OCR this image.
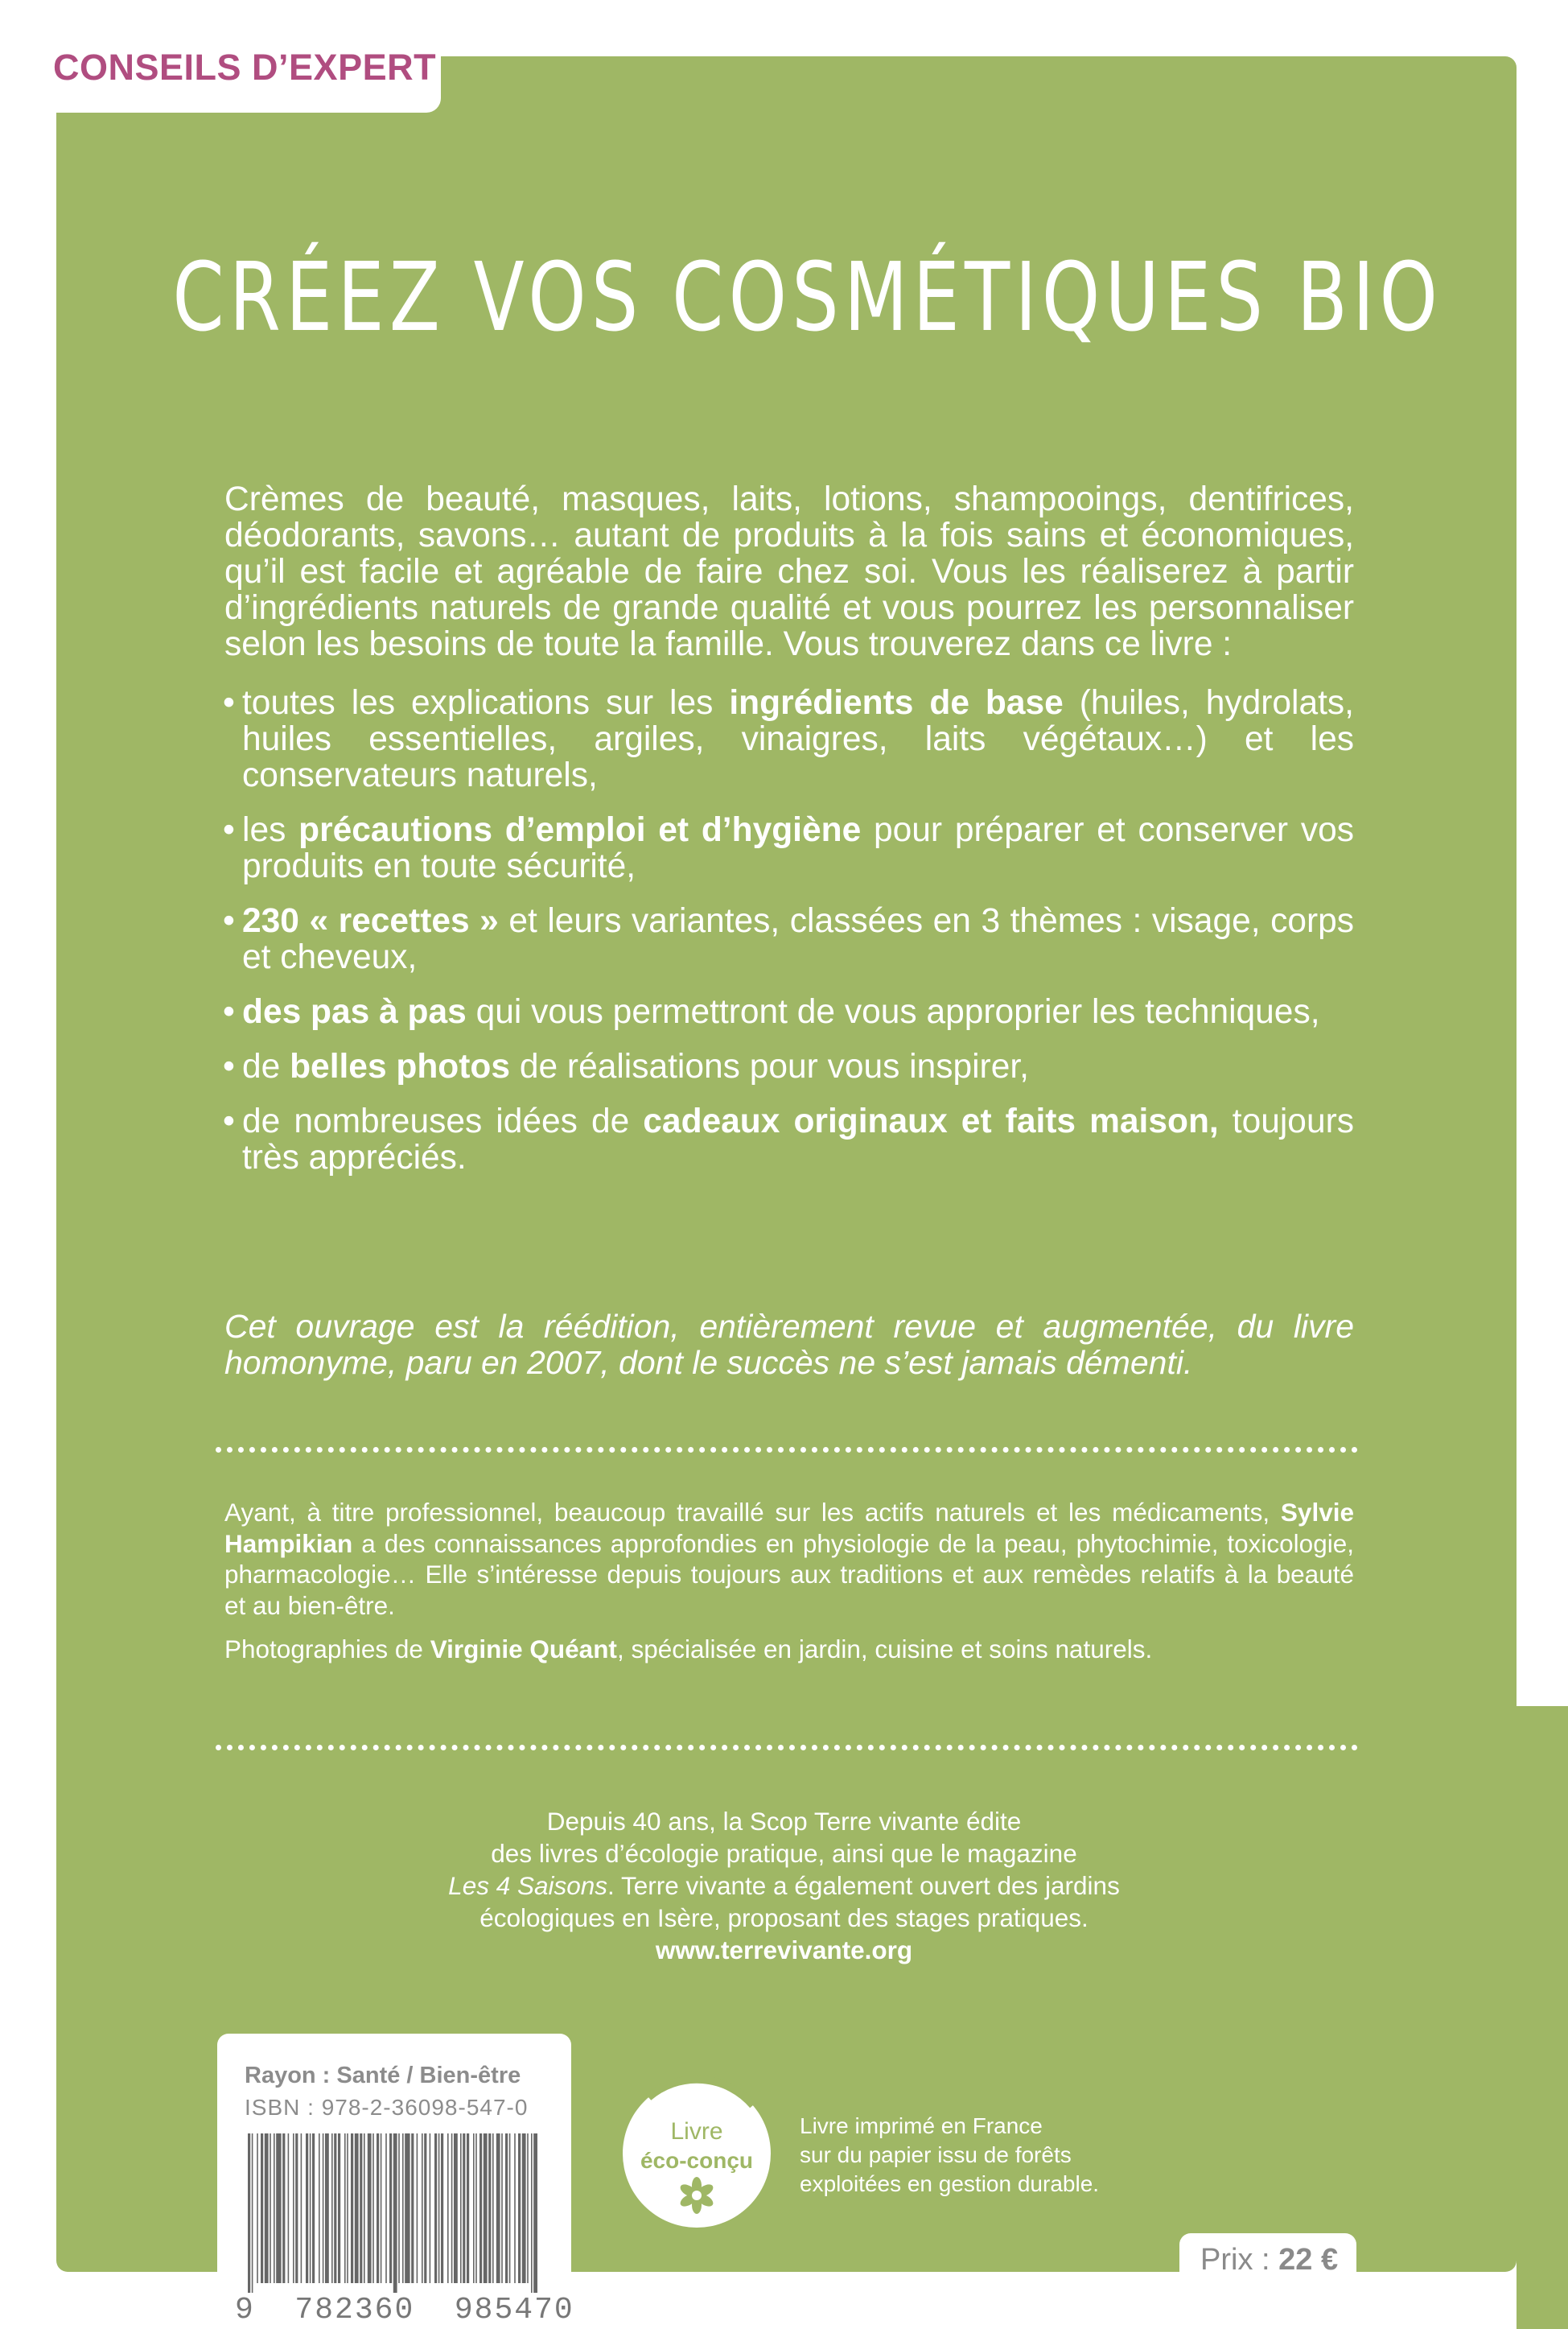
CONSEILS D’EXPERT
CRÉEZ VOS COSMÉTIQUES BIO

Crèmes de beauté, masques, laits, lotions, shampooings, dentifrices, déodorants, savons… autant de produits à la fois sains et économiques, qu’il est facile et agréable de faire chez soi. Vous les réaliserez à partir d’ingrédients naturels de grande qualité et vous pourrez les personnaliser selon les besoins de toute la famille. Vous trouverez dans ce livre :

• toutes les explications sur les ingrédients de base (huiles, hydrolats, huiles essentielles, argiles, vinaigres, laits végétaux…) et les conservateurs naturels,
• les précautions d’emploi et d’hygiène pour préparer et conserver vos produits en toute sécurité,
• 230 « recettes » et leurs variantes, classées en 3 thèmes : visage, corps et cheveux,
• des pas à pas qui vous permettront de vous approprier les techniques,
• de belles photos de réalisations pour vous inspirer,
• de nombreuses idées de cadeaux originaux et faits maison, toujours très appréciés.
Cet ouvrage est la réédition, entièrement revue et augmentée, du livre homonyme, paru en 2007, dont le succès ne s’est jamais démenti.

Ayant, à titre professionnel, beaucoup travaillé sur les actifs naturels et les médicaments, Sylvie Hampikian a des connaissances approfondies en physiologie de la peau, phytochimie, toxicologie, pharmacologie… Elle s’intéresse depuis toujours aux traditions et aux remèdes relatifs à la beauté et au bien-être.

Photographies de Virginie Quéant, spécialisée en jardin, cuisine et soins naturels.

Depuis 40 ans, la Scop Terre vivante édite
des livres d’écologie pratique, ainsi que le magazine
Les 4 Saisons. Terre vivante a également ouvert des jardins
écologiques en Isère, proposant des stages pratiques.
www.terrevivante.org
Rayon : Santé / Bien-être
ISBN : 978-2-36098-547-0
9 782360 985470
Livre
éco-conçu
Livre imprimé en France
sur du papier issu de forêts
exploitées en gestion durable.
Prix : 22 €
